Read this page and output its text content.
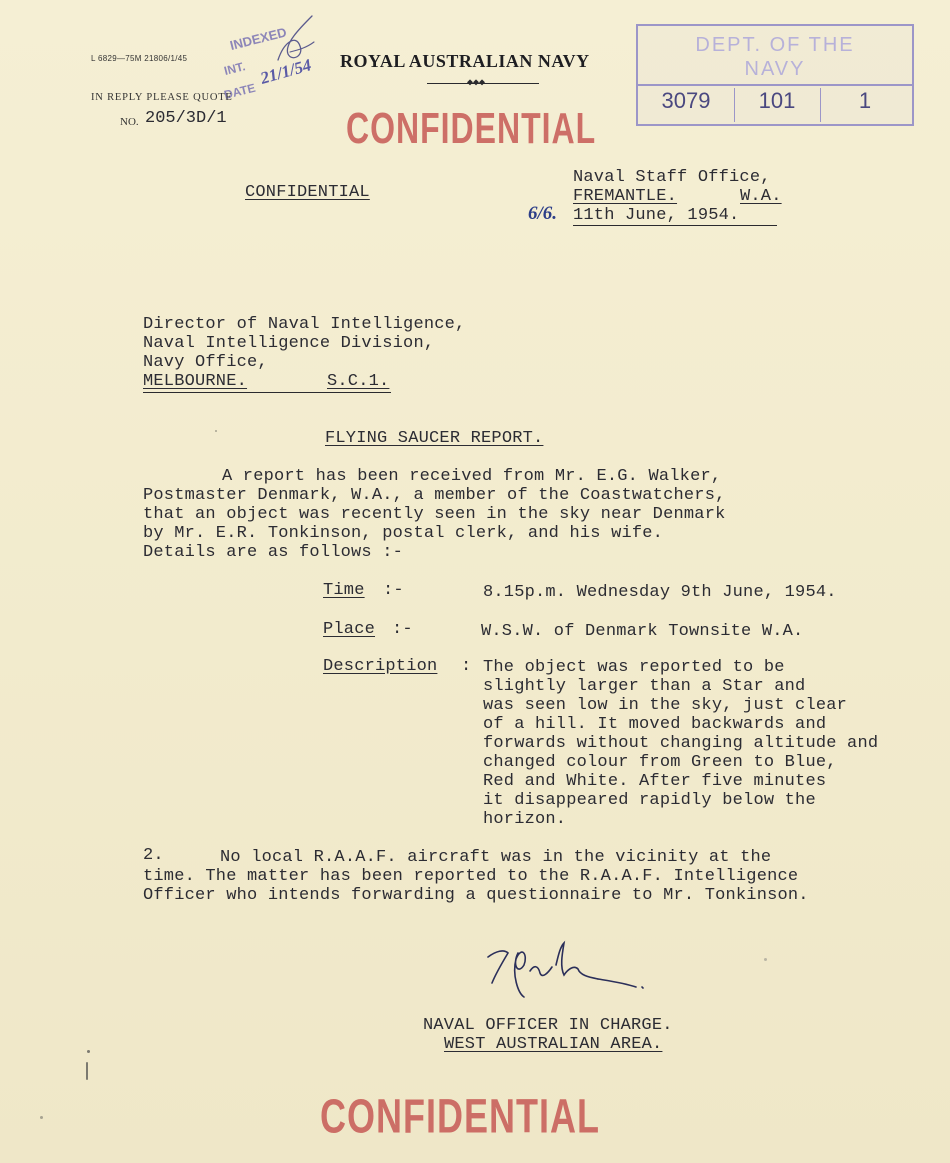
L 6829—75M 21806/1/45
INDEXED
INT.
DATE
21/1/54 ROYAL AUSTRALIAN NAVY
◆◆◆
IN REPLY PLEASE QUOTE
NO. 205/3D/1	CONFIDENTIAL
DEPT. OF THE
NAVY
3079	101	1
CONFIDENTIAL
Naval Staff Office,
FREMANTLE.	W.A.
6/6. 11th June, 1954.
Director of Naval Intelligence,
Naval Intelligence Division,
Navy Office,
MELBOURNE.	S.C.1.
FLYING SAUCER REPORT.
A report has been received from Mr. E.G. Walker,
Postmaster Denmark, W.A., a member of the Coastwatchers,
that an object was recently seen in the sky near Denmark
by Mr. E.R. Tonkinson, postal clerk, and his wife.
Details are as follows :-
Time :-	8.15p.m. Wednesday 9th June, 1954.
Place :-	W.S.W. of Denmark Townsite W.A.
Description : The object was reported to be
slightly larger than a Star and
was seen low in the sky, just clear
of a hill. It moved backwards and
forwards without changing altitude and
changed colour from Green to Blue,
Red and White. After five minutes
it disappeared rapidly below the
horizon.
2.	No local R.A.A.F. aircraft was in the vicinity at the
time. The matter has been reported to the R.A.A.F. Intelligence
Officer who intends forwarding a questionnaire to Mr. Tonkinson.
NAVAL OFFICER IN CHARGE.
WEST AUSTRALIAN AREA.
CONFIDENTIAL
